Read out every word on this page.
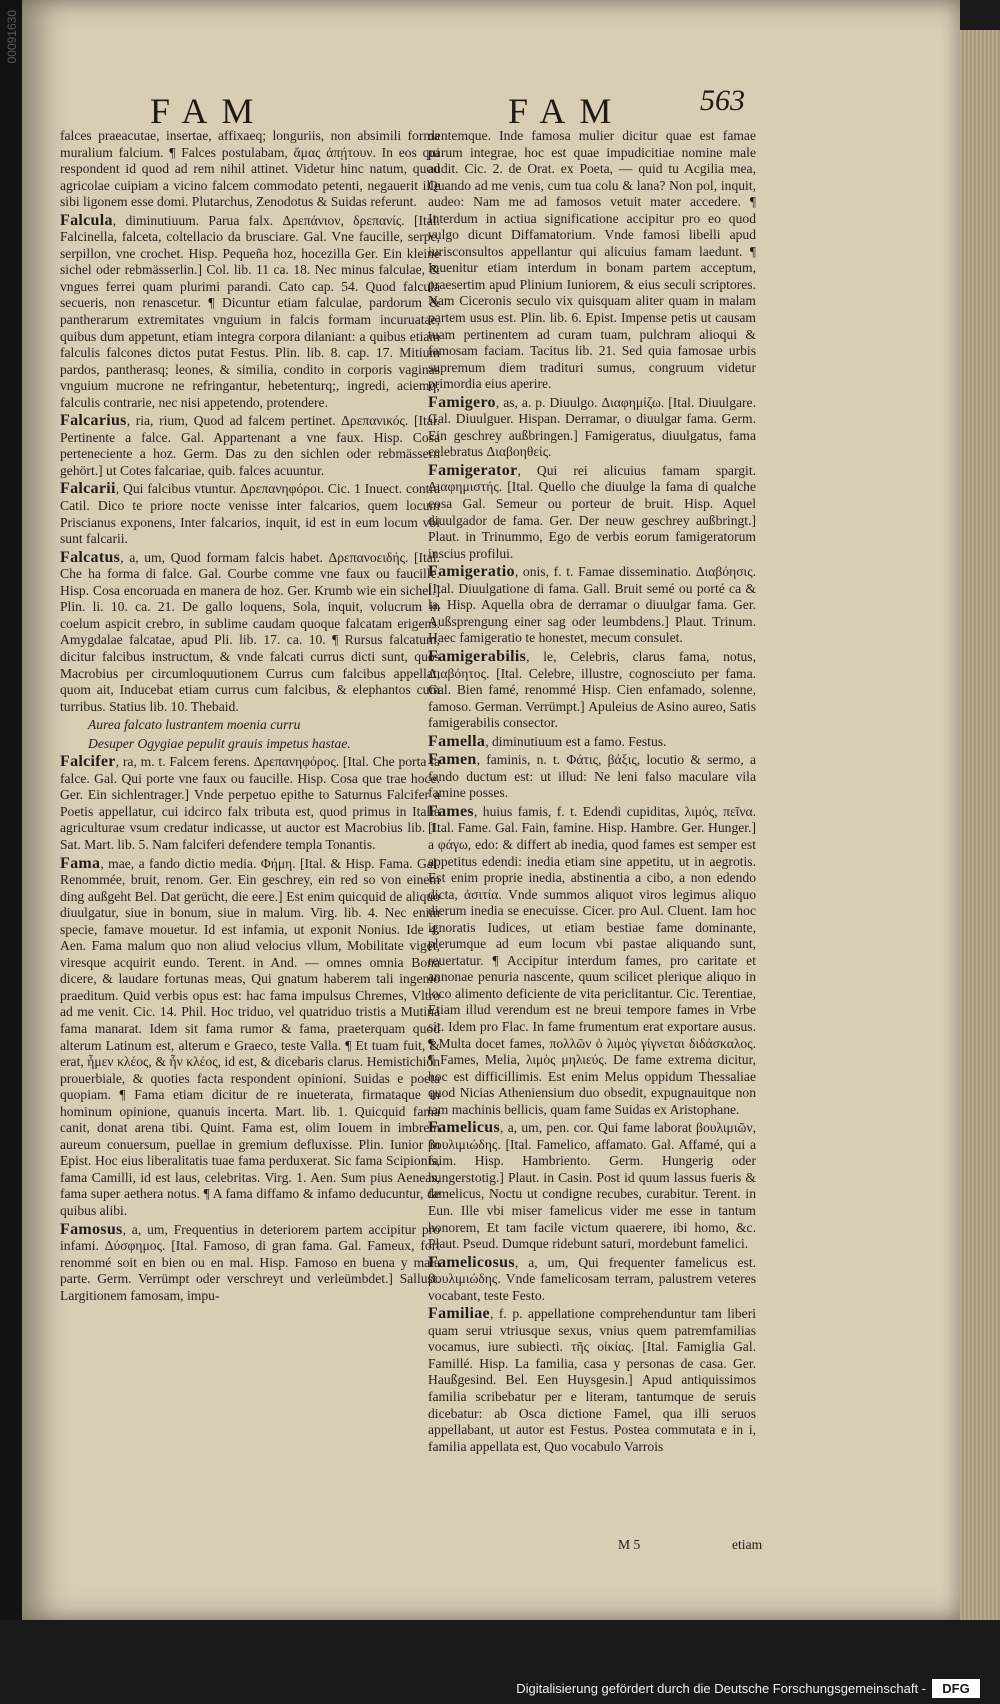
00091630
FAM	FAM 563

falces praeacutae, insertae, affixaeq; longuriis, non absimili forma muralium falcium. ¶ Falces postulabam, ἄμας ἀπῄτουν. In eos qui respondent id quod ad rem nihil attinet. Videtur hinc natum, quod agricolae cuipiam a vicino falcem commodato petenti, negauerit ille sibi ligonem esse domi. Plutarchus, Zenodotus & Suidas referunt.

Falcula, diminutiuum. Parua falx. Δρεπάνιον, δρεπανίς. [Ital. Falcinella, falceta, coltellacio da brusciare. Gal. Vne faucille, serpe, serpillon, vne crochet. Hisp. Pequeña hoz, hocezilla Ger. Ein kleine sichel oder rebmässerlin.] Col. lib. 11 ca. 18. Nec minus falculae, & vngues ferrei quam plurimi parandi. Cato cap. 54. Quod falcula secueris, non renascetur. ¶ Dicuntur etiam falculae, pardorum & pantherarum extremitates vnguium in falcis formam incuruatae, quibus dum appetunt, etiam integra corpora dilaniant: a quibus etiam falculis falcones dictos putat Festus. Plin. lib. 8. cap. 17. Mitium pardos, pantherasq; leones, & similia, condito in corporis vaginas vnguium mucrone ne refringantur, hebetenturq;, ingredi, aciemq; falculis contrarie, nec nisi appetendo, protendere.

Falcarius, ria, rium, Quod ad falcem pertinet. Δρεπανικός. [Ital. Pertinente a falce. Gal. Appartenant a vne faux. Hisp. Cosa perteneciente a hoz. Germ. Das zu den sichlen oder rebmässern gehört.] ut Cotes falcariae, quib. falces acuuntur.

Falcarii, Qui falcibus vtuntur. Δρεπανηφόροι. Cic. 1 Inuect. contra Catil. Dico te priore nocte venisse inter falcarios, quem locum Priscianus exponens, Inter falcarios, inquit, id est in eum locum vbi sunt falcarii.

Falcatus, a, um, Quod formam falcis habet. Δρεπανοειδής. [Ital. Che ha forma di falce. Gal. Courbe comme vne faux ou faucille. Hisp. Cosa encoruada en manera de hoz. Ger. Krumb wie ein sichel.] Plin. li. 10. ca. 21. De gallo loquens, Sola, inquit, volucrum in coelum aspicit crebro, in sublime caudam quoque falcatam erigens. Amygdalae falcatae, apud Pli. lib. 17. ca. 10. ¶ Rursus falcatum, dicitur falcibus instructum, & vnde falcati currus dicti sunt, quos Macrobius per circumloquutionem Currus cum falcibus appellat, quom ait, Inducebat etiam currus cum falcibus, & elephantos cum turribus. Statius lib. 10. Thebaid.

Aurea falcato lustrantem moenia curru

Desuper Ogygiae pepulit grauis impetus hastae.

Falcifer, ra, m. t. Falcem ferens. Δρεπανηφόρος. [Ital. Che porta la falce. Gal. Qui porte vne faux ou faucille. Hisp. Cosa que trae hoce. Ger. Ein sichlentrager.] Vnde perpetuo epithe to Saturnus Falcifer a Poetis appellatur, cui idcirco falx tributa est, quod primus in Italia agriculturae vsum credatur indicasse, ut auctor est Macrobius lib. 1. Sat. Mart. lib. 5. Nam falciferi defendere templa Tonantis.

Fama, mae, a fando dictio media. Φήμη. [Ital. & Hisp. Fama. Gal. Renommée, bruit, renom. Ger. Ein geschrey, ein red so von einem ding außgeht Bel. Dat gerücht, die eere.] Est enim quicquid de aliquo diuulgatur, siue in bonum, siue in malum. Virg. lib. 4. Nec enim specie, famave mouetur. Id est infamia, ut exponit Nonius. Ide 4. Aen. Fama malum quo non aliud velocius vllum, Mobilitate viget, viresque acquirit eundo. Terent. in And. — omnes omnia Bona dicere, & laudare fortunas meas, Qui gnatum haberem tali ingenio praeditum. Quid verbis opus est: hac fama impulsus Chremes, Vltro ad me venit. Cic. 14. Phil. Hoc triduo, vel quatriduo tristis a Mutina fama manarat. Idem sit fama rumor & fama, praeterquam quod alterum Latinum est, alterum e Graeco, teste Valla. ¶ Et tuam fuit, & erat, ἦμεν κλέος, & ἦν κλέος, id est, & dicebaris clarus. Hemistichion prouerbiale, & quoties facta respondent opinioni. Suidas e poeta quopiam. ¶ Fama etiam dicitur de re inueterata, firmataque in hominum opinione, quanuis incerta. Mart. lib. 1. Quicquid fama canit, donat arena tibi. Quint. Fama est, olim Iouem in imbrem aureum conuersum, puellae in gremium defluxisse. Plin. Iunior in Epist. Hoc eius liberalitatis tuae fama perduxerat. Sic fama Scipionis, fama Camilli, id est laus, celebritas. Virg. 1. Aen. Sum pius Aeneas, fama super aethera notus. ¶ A fama diffamo & infamo deducuntur, de quibus alibi.

Famosus, a, um, Frequentius in deteriorem partem accipitur pro infami. Δύσφημος. [Ital. Famoso, di gran fama. Gal. Fameux, fort renommé soit en bien ou en mal. Hisp. Famoso en buena y mala parte. Germ. Verrümpt oder verschreyt und verleümbdet.] Sallust. Largitionem famosam, impu-

dentemque. Inde famosa mulier dicitur quae est famae parum integrae, hoc est quae impudicitiae nomine male audit. Cic. 2. de Orat. ex Poeta, — quid tu Acgilia mea, Quando ad me venis, cum tua colu & lana? Non pol, inquit, audeo: Nam me ad famosos vetuit mater accedere. ¶ Interdum in actiua significatione accipitur pro eo quod vulgo dicunt Diffamatorium. Vnde famosi libelli apud iurisconsultos appellantur qui alicuius famam laedunt. ¶ Inuenitur etiam interdum in bonam partem acceptum, praesertim apud Plinium Iuniorem, & eius seculi scriptores. Nam Ciceronis seculo vix quisquam aliter quam in malam partem usus est. Plin. lib. 6. Epist. Impense petis ut causam tuam pertinentem ad curam tuam, pulchram alioqui & famosam faciam. Tacitus lib. 21. Sed quia famosae urbis supremum diem tradituri sumus, congruum videtur primordia eius aperire.

Famigero, as, a. p. Diuulgo. Διαφημίζω. [Ital. Diuulgare. Gal. Diuulguer. Hispan. Derramar, o diuulgar fama. Germ. Ein geschrey außbringen.] Famigeratus, diuulgatus, fama celebratus Διαβοηθείς.

Famigerator, Qui rei alicuius famam spargit. Διαφημιστής. [Ital. Quello che diuulge la fama di qualche cosa Gal. Semeur ou porteur de bruit. Hisp. Aquel diuulgador de fama. Ger. Der neuw geschrey außbringt.] Plaut. in Trinummo, Ego de verbis eorum famigeratorum inscius profilui.

Famigeratio, onis, f. t. Famae disseminatio. Διαβόησις. [Ital. Diuulgatione di fama. Gall. Bruit semé ou porté ca & la. Hisp. Aquella obra de derramar o diuulgar fama. Ger. Außsprengung einer sag oder leumbdens.] Plaut. Trinum. Haec famigeratio te honestet, mecum consulet.

Famigerabilis, le, Celebris, clarus fama, notus, Διαβόητος. [Ital. Celebre, illustre, cognosciuto per fama. Gal. Bien famé, renommé Hisp. Cien enfamado, solenne, famoso. German. Verrümpt.] Apuleius de Asino aureo, Satis famigerabilis consector.

Famella, diminutiuum est a famo. Festus.

Famen, faminis, n. t. Φάτις, βάξις, locutio & sermo, a fando ductum est: ut illud: Ne leni falso maculare vila famine posses.

Fames, huius famis, f. t. Edendi cupiditas, λιμός, πεῖνα. [Ital. Fame. Gal. Fain, famine. Hisp. Hambre. Ger. Hunger.] a φάγω, edo: & differt ab inedia, quod fames est semper est appetitus edendi: inedia etiam sine appetitu, ut in aegrotis. Est enim proprie inedia, abstinentia a cibo, a non edendo dicta, ἀσιτία. Vnde summos aliquot viros legimus aliquo dierum inedia se enecuisse. Cicer. pro Aul. Cluent. Iam hoc ignoratis Iudices, ut etiam bestiae fame dominante, plerumque ad eum locum vbi pastae aliquando sunt, reuertatur. ¶ Accipitur interdum fames, pro caritate et annonae penuria nascente, quum scilicet plerique aliquo in loco alimento deficiente de vita periclitantur. Cic. Terentiae, Etiam illud verendum est ne breui tempore fames in Vrbe sit. Idem pro Flac. In fame frumentum erat exportare ausus. ¶ Multa docet fames, πολλῶν ὁ λιμὸς γίγνεται διδάσκαλος. ¶ Fames, Melia, λιμὸς μηλιεύς. De fame extrema dicitur, hoc est difficillimis. Est enim Melus oppidum Thessaliae quod Nicias Atheniensium duo obsedit, expugnauitque non tam machinis bellicis, quam fame Suidas ex Aristophane.

Famelicus, a, um, pen. cor. Qui fame laborat βουλιμιῶν, βουλιμιώδης. [Ital. Famelico, affamato. Gal. Affamé, qui a faim. Hisp. Hambriento. Germ. Hungerig oder hungerstotig.] Plaut. in Casin. Post id quum lassus fueris & famelicus, Noctu ut condigne recubes, curabitur. Terent. in Eun. Ille vbi miser famelicus vider me esse in tantum honorem, Et tam facile victum quaerere, ibi homo, &c. Plaut. Pseud. Dumque ridebunt saturi, mordebunt famelici.

Famelicosus, a, um, Qui frequenter famelicus est. βουλιμιώδης. Vnde famelicosam terram, palustrem veteres vocabant, teste Festo.

Familiae, f. p. appellatione comprehenduntur tam liberi quam serui vtriusque sexus, vnius quem patremfamilias vocamus, iure subiecti. τῆς οἰκίας. [Ital. Famiglia Gal. Famillé. Hisp. La familia, casa y personas de casa. Ger. Haußgesind. Bel. Een Huysgesin.] Apud antiquissimos familia scribebatur per e literam, tantumque de seruis dicebatur: ab Osca dictione Famel, qua illi seruos appellabant, ut autor est Festus. Postea commutata e in i, familia appellata est, Quo vocabulo Varrois

M 5	etiam
Digitalisierung gefördert durch die Deutsche Forschungsgemeinschaft -	DFG
